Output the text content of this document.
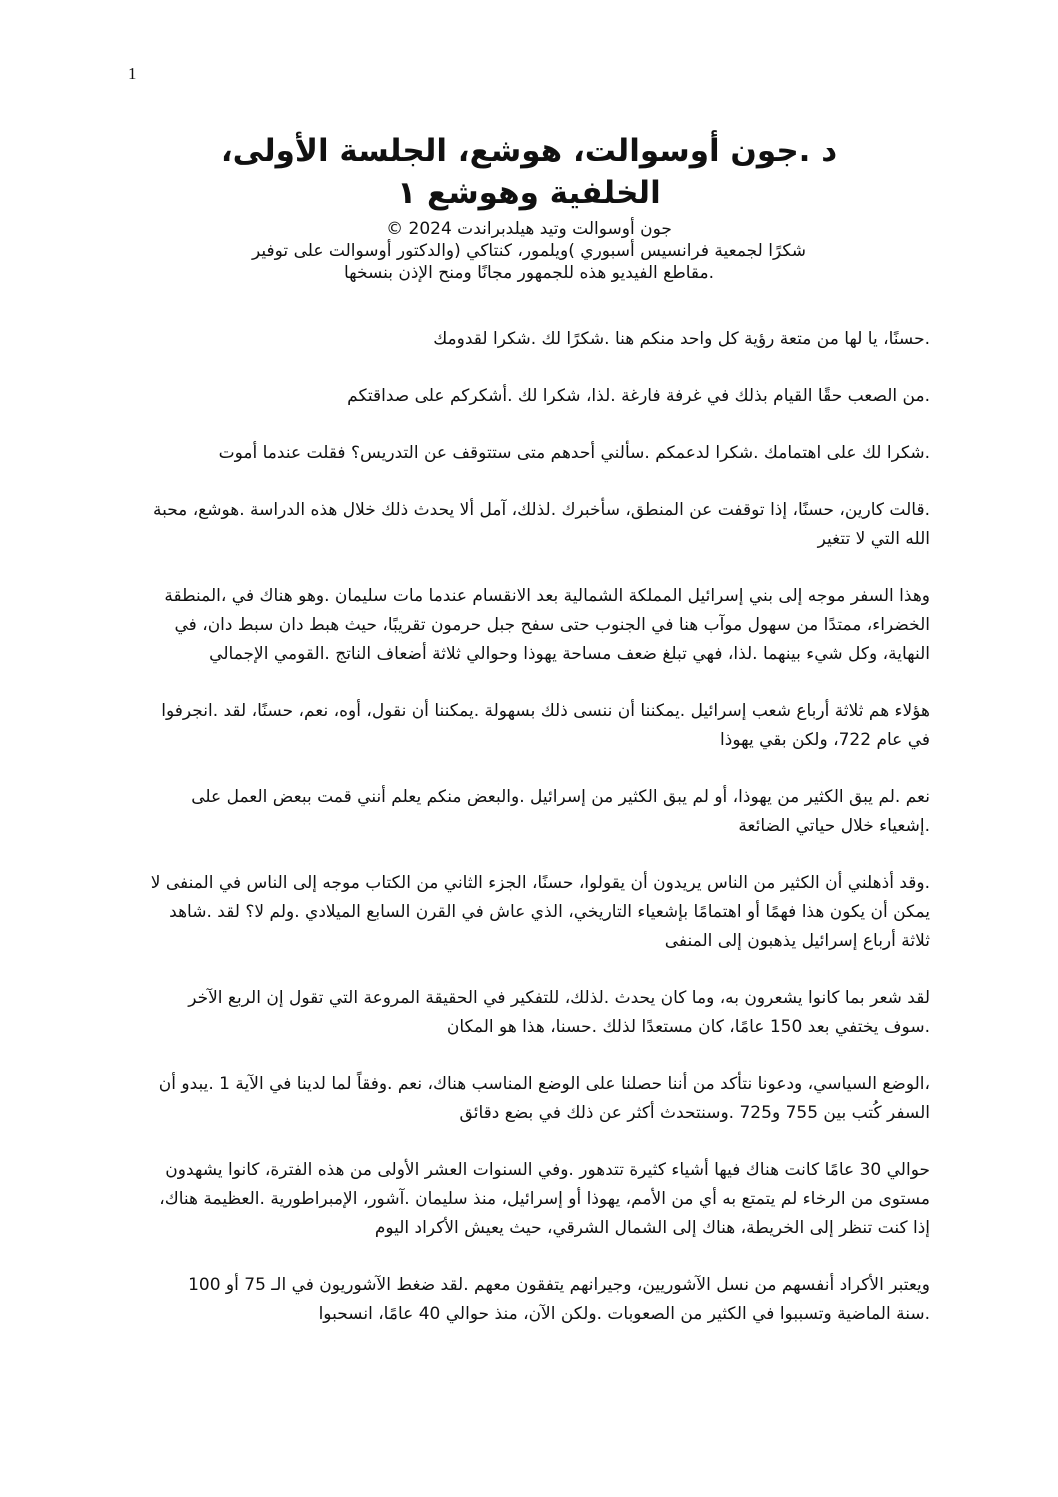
1
،د .جون أوسوالت، هوشع، الجلسة الأولى
الخلفية وهوشع ١

جون أوسوالت وتيد هيلدبراندت 2024 ©

شكرًا لجمعية فرانسيس أسبوري )ويلمور، كنتاكي (والدكتور أوسوالت على توفير
.مقاطع الفيديو هذه للجمهور مجانًا ومنح الإذن بنسخها

.حسنًا، يا لها من متعة رؤية كل واحد منكم هنا .شكرًا لك .شكرا لقدومك

.من الصعب حقًا القيام بذلك في غرفة فارغة .لذا، شكرا لك .أشكركم على صداقتكم

.شكرا لك على اهتمامك .شكرا لدعمكم .سألني أحدهم متى ستتوقف عن التدريس؟ فقلت عندما أموت

.قالت كارين، حسنًا، إذا توقفت عن المنطق، سأخبرك .لذلك، آمل ألا يحدث ذلك خلال هذه الدراسة .هوشع، محبة الله التي لا تتغير

وهذا السفر موجه إلى بني إسرائيل المملكة الشمالية بعد الانقسام عندما مات سليمان .وهو هناك في ،المنطقة الخضراء، ممتدًا من سهول موآب هنا في الجنوب حتى سفح جبل حرمون تقريبًا، حيث هبط دان سبط دان، في النهاية، وكل شيء بينهما .لذا، فهي تبلغ ضعف مساحة يهوذا وحوالي ثلاثة أضعاف الناتج .القومي الإجمالي

هؤلاء هم ثلاثة أرباع شعب إسرائيل .يمكننا أن ننسى ذلك بسهولة .يمكننا أن نقول، أوه، نعم، حسنًا، لقد .انجرفوا في عام 722، ولكن بقي يهوذا

نعم .لم يبق الكثير من يهوذا، أو لم يبق الكثير من إسرائيل .والبعض منكم يعلم أنني قمت ببعض العمل على .إشعياء خلال حياتي الضائعة

.وقد أذهلني أن الكثير من الناس يريدون أن يقولوا، حسنًا، الجزء الثاني من الكتاب موجه إلى الناس في المنفى لا يمكن أن يكون هذا فهمًا أو اهتمامًا بإشعياء التاريخي، الذي عاش في القرن السابع الميلادي .ولم لا؟ لقد .شاهد ثلاثة أرباع إسرائيل يذهبون إلى المنفى

لقد شعر بما كانوا يشعرون به، وما كان يحدث .لذلك، للتفكير في الحقيقة المروعة التي تقول إن الربع الآخر .سوف يختفي بعد 150 عامًا، كان مستعدًا لذلك .حسنا، هذا هو المكان

،الوضع السياسي، ودعونا نتأكد من أننا حصلنا على الوضع المناسب هناك، نعم .وفقاً لما لدينا في الآية 1 .يبدو أن السفر كُتب بين 755 و725 .وسنتحدث أكثر عن ذلك في بضع دقائق

حوالي 30 عامًا كانت هناك فيها أشياء كثيرة تتدهور .وفي السنوات العشر الأولى من هذه الفترة، كانوا يشهدون مستوى من الرخاء لم يتمتع به أي من الأمم، يهوذا أو إسرائيل، منذ سليمان .آشور، الإمبراطورية .العظيمة هناك، إذا كنت تنظر إلى الخريطة، هناك إلى الشمال الشرقي، حيث يعيش الأكراد اليوم

ويعتبر الأكراد أنفسهم من نسل الآشوريين، وجيرانهم يتفقون معهم .لقد ضغط الآشوريون في الـ 75 أو 100 .سنة الماضية وتسببوا في الكثير من الصعوبات .ولكن الآن، منذ حوالي 40 عامًا، انسحبوا
